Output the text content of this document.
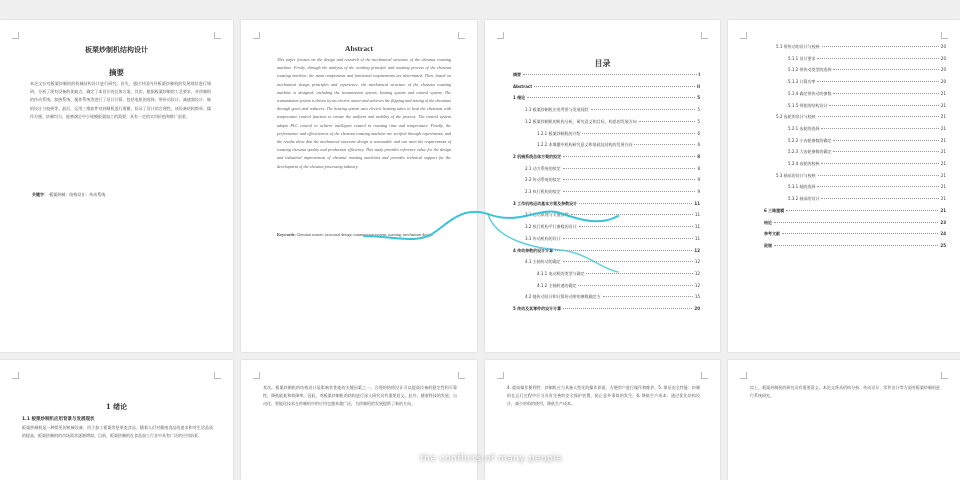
板栗炒制机结构设计
摘要
本论文针对板栗炒制机的机械结构设计进行研究。首先，通过对国内外板栗炒制机的发展现状进行调研，分析了现有设备的优缺点，确定了本设计的总体方案。其次，根据板栗炒制的工艺要求，对炒制机的传动系统、加热系统、搅拌系统等进行了设计计算，包括电机的选择、带传动设计、减速器设计、轴的设计与校核等。最后，运用三维软件对炒制机进行建模，验证了设计的合理性。该设备结构简单、操作方便、炒制均匀，能够满足中小规模板栗加工的需要，具有一定的实用价值和推广前景。
关键字： 板栗炒制；结构设计；传动系统
Abstract
This paper focuses on the design and research of the mechanical structure of the chestnut roasting machine. Firstly, through the analysis of the working principle and roasting process of the chestnut roasting machine, the main components and functional requirements are determined. Then, based on mechanical design principles and experience, the mechanical structure of the chestnut roasting machine is designed, including the transmission system, heating system and control system. The transmission system is driven by an electric motor and achieves the flipping and mixing of the chestnuts through gears and reducers. The heating system uses electric heating tubes to heat the chestnuts with temperature control function to ensure the uniform and stability of the process. The control system adopts PLC control to achieve intelligent control in roasting time and temperature. Finally, the performance and effectiveness of the chestnut roasting machine are verified through experiments, and the results show that the mechanical structure design is reasonable and can meet the requirements of roasting chestnut quality and production efficiency. This study provides reference value for the design and industrial improvement of chestnut roasting machines and provides technical support for the development of the chestnut processing industry.
Keywords: Chestnut roaster; structural design; transmission system; roasting; mechanism design
目录
摘要	I
Abstract	II
1 绪论	5
1.1 板栗炒制机应用背景与发展现状	5
1.2 板栗炒制机的机构分析、研究意义和目标、构思的发展方向	5
1.2.1 板栗炒制机的介绍	6
1.2.2 本课题中机构研究意义和基础及结构的发展方向	6
2 机械系统总体方案的拟定	8
2.1 动力系统的拟定	8
2.2 传动系统的拟定	9
2.3 执行机构的拟定	9
3 工作机构运动基本方案及参数设计	11
3.1 运动原理与关键参数	11
3.2 执行机构平行参数的设计	11
3.3 传动机构的设计	11
4 传动参数的设计计算	12
4.1 主轴传动的确定	12
4.1.1 电动机的类型与确定	12
4.1.2 主轴转速的确定	12
4.2 链传动设计和计算传动带的参数确定方	15
5 传动及其零件的设计计算	20
5.1 带传动的设计与校核	20
5.1.1 设计要求	20
5.1.2 带传动类型的选择	20
5.1.3 计算功率	20
5.1.4 确定带传动的参数	21
5.1.5 带轮的结构设计	21
5.2 齿轮的设计与校核	21
5.2.1 齿轮的选择	21
5.2.2 小齿轮参数的确定	21
5.2.3 大齿轮参数的确定	21
5.2.4 齿轮的校核	21
5.3 轴承的设计与校核	21
5.3.1 轴的选择	21
5.3.2 轴承的设计	21
6 三维建模	21
结论	23
参考文献	24
致谢	25
1 绪论
1.1 板栗炒制机应用背景与发展现状
板栗炒制机是一种常见的机械设备，用于加工板栗等坚果类食品。随着人们对健康食品的追求和对生活品质的提高，板栗炒制机的市场需求逐渐增加。目前，板栗炒制机在食品加工行业中具有广泛的应用前景。
其次，板栗炒制机的结构设计是影响其性能的关键因素之一。合理的结构设计可以提高设备的稳定性和可靠性，降低能耗和故障率。因此，对板栗炒制机的结构进行深入研究具有重要意义。此外，随着科技的发展，自动化、智能化技术在炒制机中的应用也越来越广泛，为炒制机的发展提供了新的方向。
4. 提高操作便利性：炒制机应当具备人性化的操作界面，方便用户进行操作和维护。5. 保证安全性能：炒制机在运行过程中应当具有完善的安全保护装置，防止意外事故的发生。6. 降低生产成本：通过优化结构设计，减少材料的使用，降低生产成本。
综上，板栗炒制机的研究具有重要意义。本论文将从机构分析、传动设计、零件设计等方面对板栗炒制机进行系统研究。
the conflicts of many people
